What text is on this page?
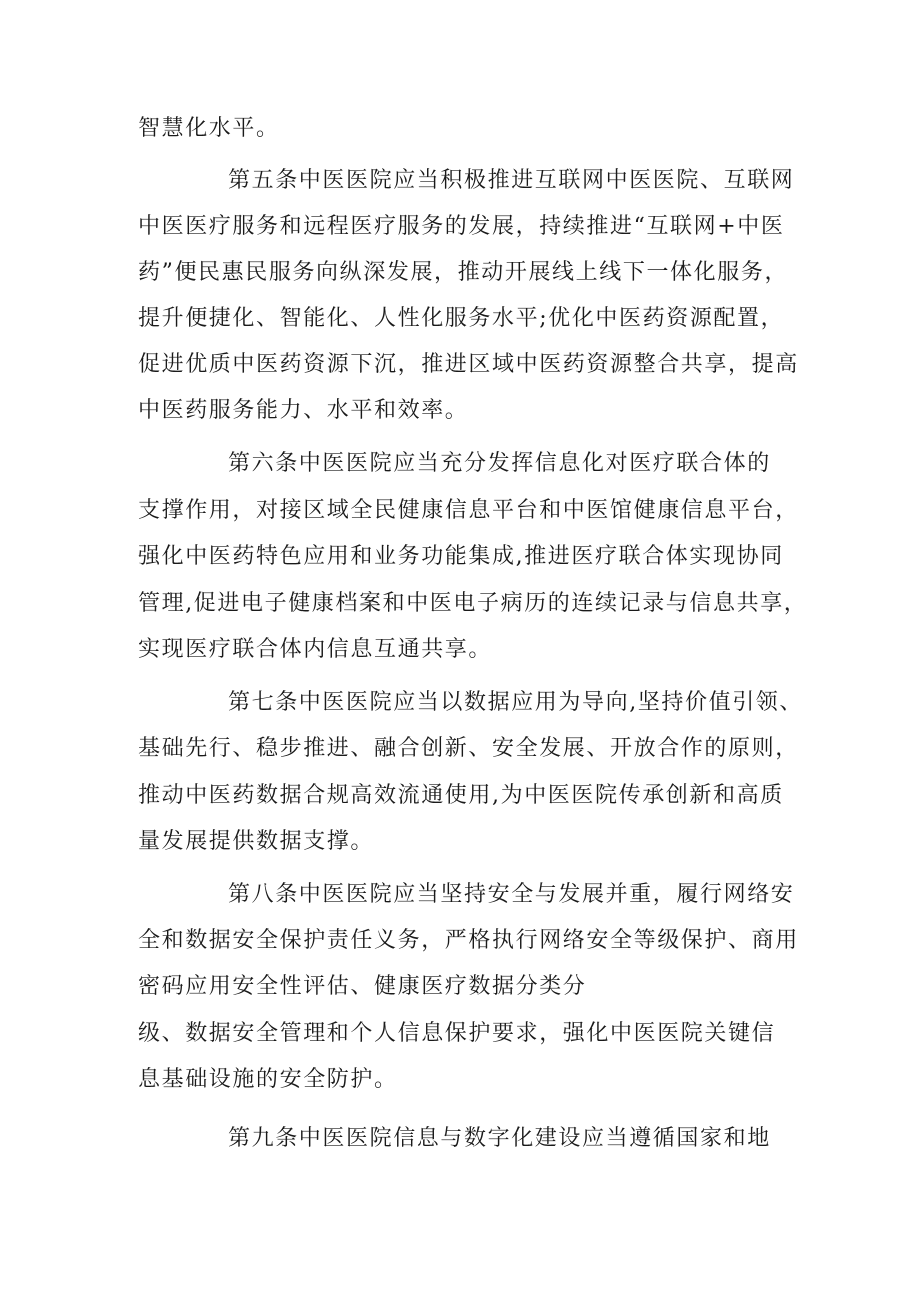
智慧化水平。
第五条中医医院应当积极推进互联网中医医院、互联网
中医医疗服务和远程医疗服务的发展，持续推进“互联网+中医
药”便民惠民服务向纵深发展，推动开展线上线下一体化服务，
提升便捷化、智能化、人性化服务水平;优化中医药资源配置，
促进优质中医药资源下沉，推进区域中医药资源整合共享，提高
中医药服务能力、水平和效率。
第六条中医医院应当充分发挥信息化对医疗联合体的
支撑作用，对接区域全民健康信息平台和中医馆健康信息平台，
强化中医药特色应用和业务功能集成,推进医疗联合体实现协同
管理,促进电子健康档案和中医电子病历的连续记录与信息共享，
实现医疗联合体内信息互通共享。
第七条中医医院应当以数据应用为导向,坚持价值引领、
基础先行、稳步推进、融合创新、安全发展、开放合作的原则，
推动中医药数据合规高效流通使用,为中医医院传承创新和高质
量发展提供数据支撑。
第八条中医医院应当坚持安全与发展并重，履行网络安
全和数据安全保护责任义务，严格执行网络安全等级保护、商用
密码应用安全性评估、健康医疗数据分类分
级、数据安全管理和个人信息保护要求，强化中医医院关键信
息基础设施的安全防护。
第九条中医医院信息与数字化建设应当遵循国家和地
